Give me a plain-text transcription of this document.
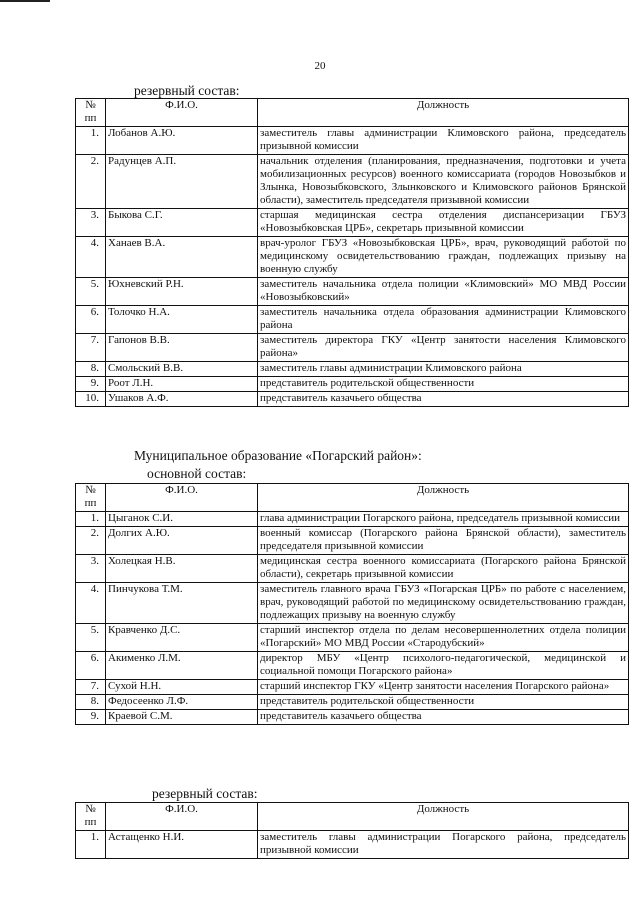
20
резервный состав:
№ пп	Ф.И.О.	Должность
1.	Лобанов А.Ю.	заместитель главы администрации Климовского района, председатель призывной комиссии
2.	Радунцев А.П.	начальник отделения (планирования, предназначения, подготовки и учета мобилизационных ресурсов) военного комиссариата (городов Новозыбков и Злынка, Новозыбковского, Злынковского и Климовского районов Брянской области), заместитель председателя призывной комиссии
3.	Быкова С.Г.	старшая медицинская сестра отделения диспансеризации ГБУЗ «Новозыбковская ЦРБ», секретарь призывной комиссии
4.	Ханаев В.А.	врач-уролог ГБУЗ «Новозыбковская ЦРБ», врач, руководящий работой по медицинскому освидетельствованию граждан, подлежащих призыву на военную службу
5.	Юхневский Р.Н.	заместитель начальника отдела полиции «Климовский» МО МВД России «Новозыбковский»
6.	Толочко Н.А.	заместитель начальника отдела образования администрации Климовского района
7.	Гапонов В.В.	заместитель директора ГКУ «Центр занятости населения Климовского района»
8.	Смольский В.В.	заместитель главы администрации Климовского района
9.	Роот Л.Н.	представитель родительской общественности
10.	Ушаков А.Ф.	представитель казачьего общества
Муниципальное образование «Погарский район»:
основной состав:
№ пп	Ф.И.О.	Должность
1.	Цыганок С.И.	глава администрации Погарского района, председатель призывной комиссии
2.	Долгих А.Ю.	военный комиссар (Погарского района Брянской области), заместитель председателя призывной комиссии
3.	Холецкая Н.В.	медицинская сестра военного комиссариата (Погарского района Брянской области), секретарь призывной комиссии
4.	Пинчукова Т.М.	заместитель главного врача ГБУЗ «Погарская ЦРБ» по работе с населением, врач, руководящий работой по медицинскому освидетельствованию граждан, подлежащих призыву на военную службу
5.	Кравченко Д.С.	старший инспектор отдела по делам несовершеннолетних отдела полиции «Погарский» МО МВД России «Стародубский»
6.	Акименко Л.М.	директор МБУ «Центр психолого-педагогической, медицинской и социальной помощи Погарского района»
7.	Сухой Н.Н.	старший инспектор ГКУ «Центр занятости населения Погарского района»
8.	Федосеенко Л.Ф.	представитель родительской общественности
9.	Краевой С.М.	представитель казачьего общества
резервный состав:
№ пп	Ф.И.О.	Должность
1.	Астащенко Н.И.	заместитель главы администрации Погарского района, председатель призывной комиссии
